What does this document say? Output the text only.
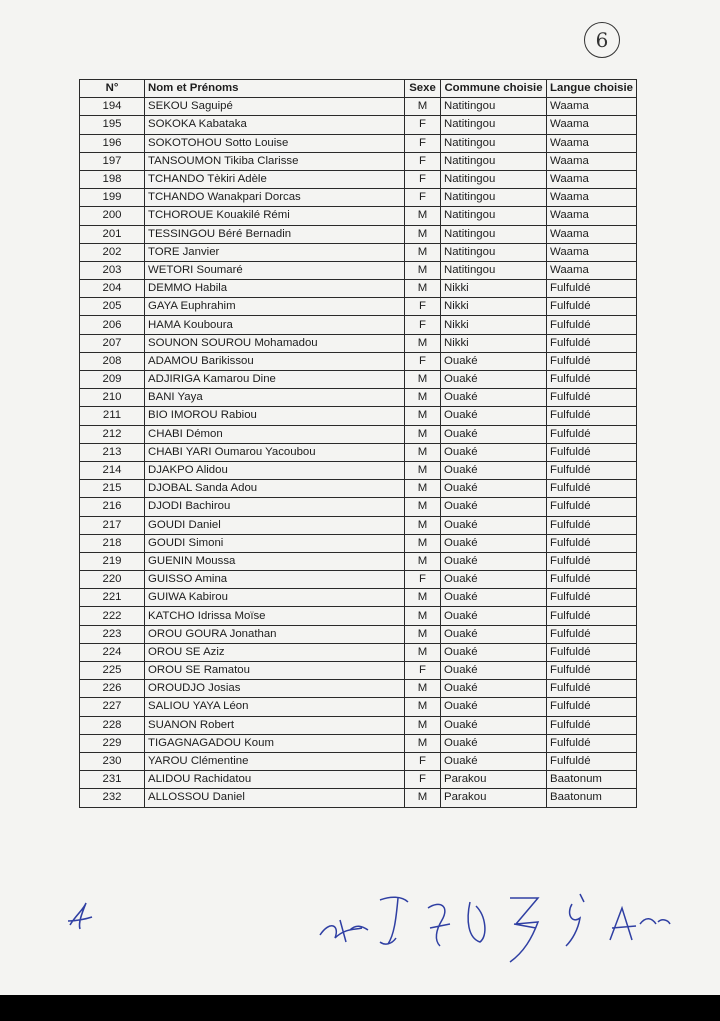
6
N°	Nom et Prénoms	Sexe	Commune choisie	Langue choisie
194	SEKOU Saguipé	M	Natitingou	Waama
195	SOKOKA Kabataka	F	Natitingou	Waama
196	SOKOTOHOU Sotto Louise	F	Natitingou	Waama
197	TANSOUMON Tikiba Clarisse	F	Natitingou	Waama
198	TCHANDO Tèkiri Adèle	F	Natitingou	Waama
199	TCHANDO Wanakpari Dorcas	F	Natitingou	Waama
200	TCHOROUE Kouakilé Rémi	M	Natitingou	Waama
201	TESSINGOU Béré Bernadin	M	Natitingou	Waama
202	TORE Janvier	M	Natitingou	Waama
203	WETORI Soumaré	M	Natitingou	Waama
204	DEMMO Habila	M	Nikki	Fulfuldé
205	GAYA Euphrahim	F	Nikki	Fulfuldé
206	HAMA Kouboura	F	Nikki	Fulfuldé
207	SOUNON SOUROU Mohamadou	M	Nikki	Fulfuldé
208	ADAMOU Barikissou	F	Ouaké	Fulfuldé
209	ADJIRIGA Kamarou Dine	M	Ouaké	Fulfuldé
210	BANI Yaya	M	Ouaké	Fulfuldé
211	BIO IMOROU Rabiou	M	Ouaké	Fulfuldé
212	CHABI Démon	M	Ouaké	Fulfuldé
213	CHABI YARI Oumarou Yacoubou	M	Ouaké	Fulfuldé
214	DJAKPO Alidou	M	Ouaké	Fulfuldé
215	DJOBAL Sanda Adou	M	Ouaké	Fulfuldé
216	DJODI Bachirou	M	Ouaké	Fulfuldé
217	GOUDI Daniel	M	Ouaké	Fulfuldé
218	GOUDI Simoni	M	Ouaké	Fulfuldé
219	GUENIN Moussa	M	Ouaké	Fulfuldé
220	GUISSO Amina	F	Ouaké	Fulfuldé
221	GUIWA Kabirou	M	Ouaké	Fulfuldé
222	KATCHO Idrissa Moïse	M	Ouaké	Fulfuldé
223	OROU GOURA Jonathan	M	Ouaké	Fulfuldé
224	OROU SE Aziz	M	Ouaké	Fulfuldé
225	OROU SE Ramatou	F	Ouaké	Fulfuldé
226	OROUDJO Josias	M	Ouaké	Fulfuldé
227	SALIOU YAYA Léon	M	Ouaké	Fulfuldé
228	SUANON Robert	M	Ouaké	Fulfuldé
229	TIGAGNAGADOU Koum	M	Ouaké	Fulfuldé
230	YAROU Clémentine	F	Ouaké	Fulfuldé
231	ALIDOU Rachidatou	F	Parakou	Baatonum
232	ALLOSSOU Daniel	M	Parakou	Baatonum
